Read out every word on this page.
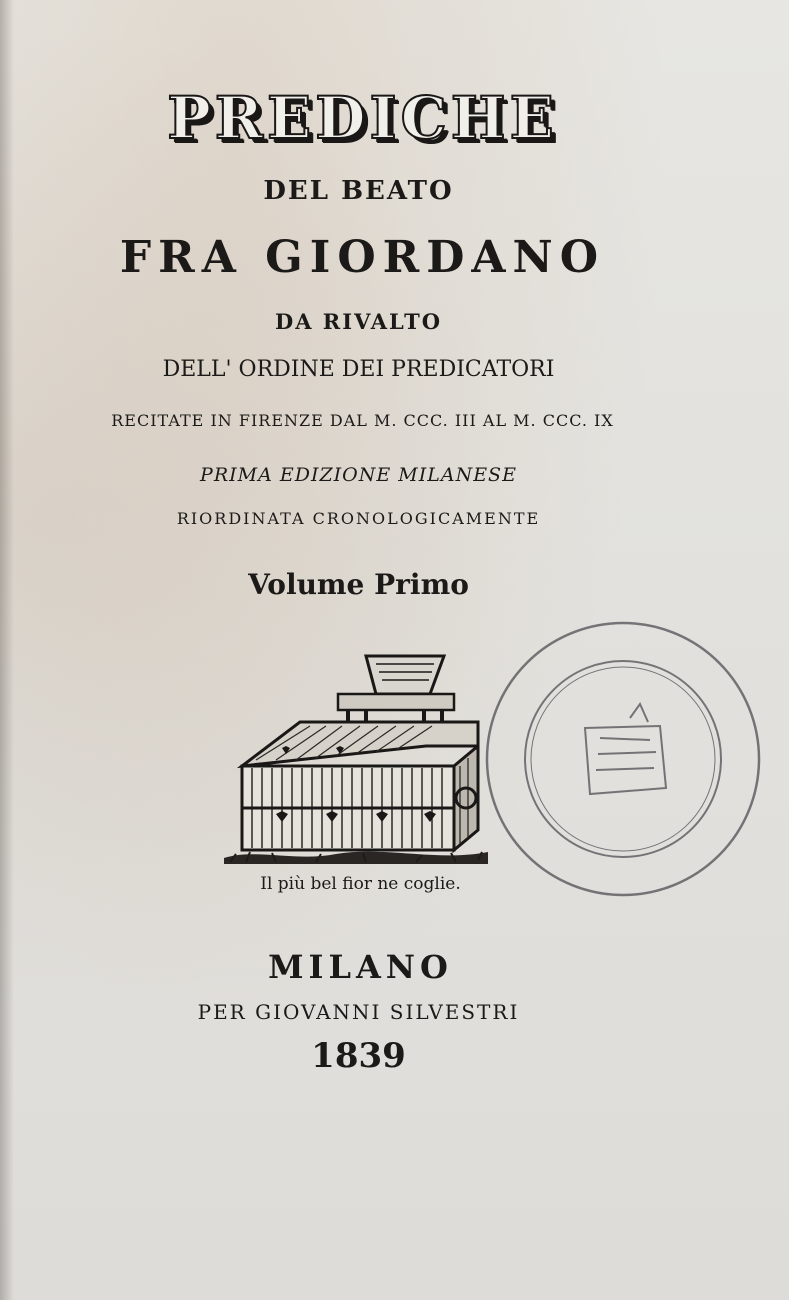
PREDICHE
DEL BEATO
FRA GIORDANO
DA RIVALTO
DELL' ORDINE DEI PREDICATORI
RECITATE IN FIRENZE DAL M. CCC. III AL M. CCC. IX
PRIMA EDIZIONE MILANESE
RIORDINATA CRONOLOGICAMENTE
Volume Primo
Il più bel fior ne coglie.
MILANO
PER GIOVANNI SILVESTRI
1839
